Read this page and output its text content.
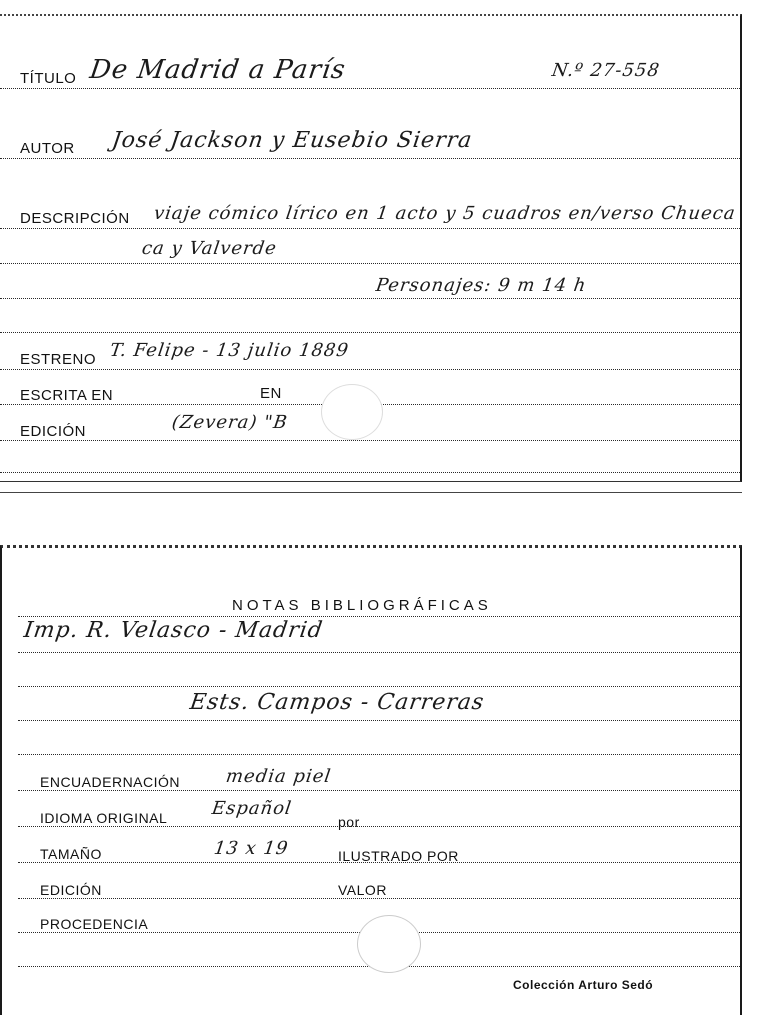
TÍTULO De Madrid a París	N.º 27-558
AUTOR José Jackson y Eusebio Sierra
DESCRIPCIÓN viaje cómico lírico en 1 acto y 5 cuadros en/verso Chueca
ca y Valverde
Personajes: 9 m 14 h
ESTRENO T. Felipe - 13 julio 1889
ESCRITA EN	EN
EDICIÓN	(Zevera) "B
NOTAS BIBLIOGRÁFICAS
Imp. R. Velasco - Madrid
Ests. Campos - Carreras
ENCUADERNACIÓN media piel
IDIOMA ORIGINAL Español
por
TAMAÑO	13 x 19	ILUSTRADO POR
EDICIÓN	VALOR
PROCEDENCIA
Colección Arturo Sedó
